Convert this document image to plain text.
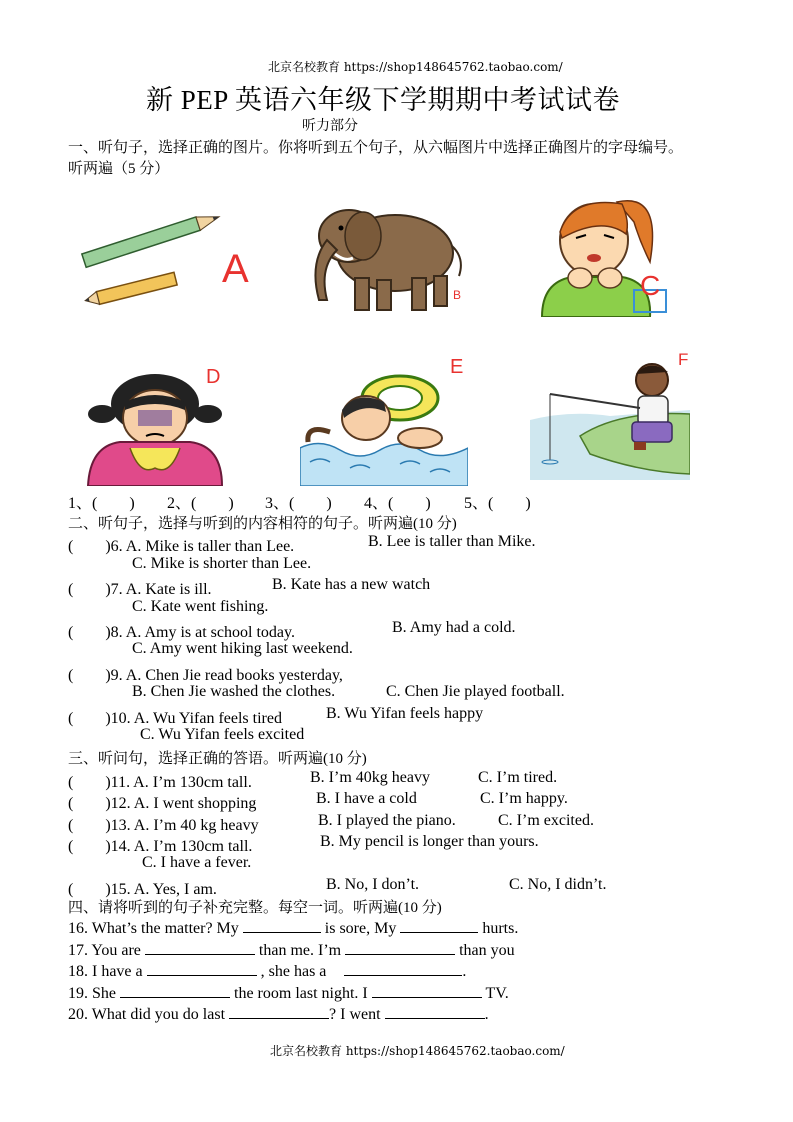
北京名校教育 https://shop148645762.taobao.com/
北京名校教育 https://shop148645762.taobao.com/
新 PEP 英语六年级下学期期中考试试卷
听力部分
一、听句子，选择正确的图片。你将听到五个句子，从六幅图片中选择正确图片的字母编号。
听两遍（5 分）
A
B	C
D	E	F
1、(　　) 2、(　　) 3、(　　) 4、(　　) 5、(　　)
二、听句子，选择与听到的内容相符的句子。听两遍(10 分)
(　　)6. A. Mike is taller than Lee.	B. Lee is taller than Mike.
C. Mike is shorter than Lee.
(　　)7. A. Kate is ill.	B. Kate has a new watch
C. Kate went fishing.
(　　)8. A. Amy is at school today.	B. Amy had a cold.
C. Amy went hiking last weekend.
(　　)9. A. Chen Jie read books yesterday,
B. Chen Jie washed the clothes.	C. Chen Jie played football.
(　　)10. A. Wu Yifan feels tired	B. Wu Yifan feels happy
C. Wu Yifan feels excited
三、听问句，选择正确的答语。听两遍(10 分)
(　　)11. A. I’m 130cm tall.	B. I’m 40kg heavy	C. I’m tired.
(　　)12. A. I went shopping	B. I have a cold	C. I’m happy.
(　　)13. A. I’m 40 kg heavy	B. I played the piano.	C. I’m excited.
(　　)14. A. I’m 130cm tall.	B. My pencil is longer than yours.
C. I have a fever.
(　　)15. A. Yes, I am.	B. No, I don’t.	C. No, I didn’t.
四、请将听到的句子补充完整。每空一词。听两遍(10 分)
16. What’s the matter? My	is sore, My	hurts.
17. You are	than me. I’m	than you
18. I have a	, she has a	.
19. She	the room last night. I	TV.
20. What did you do last	? I went	.
